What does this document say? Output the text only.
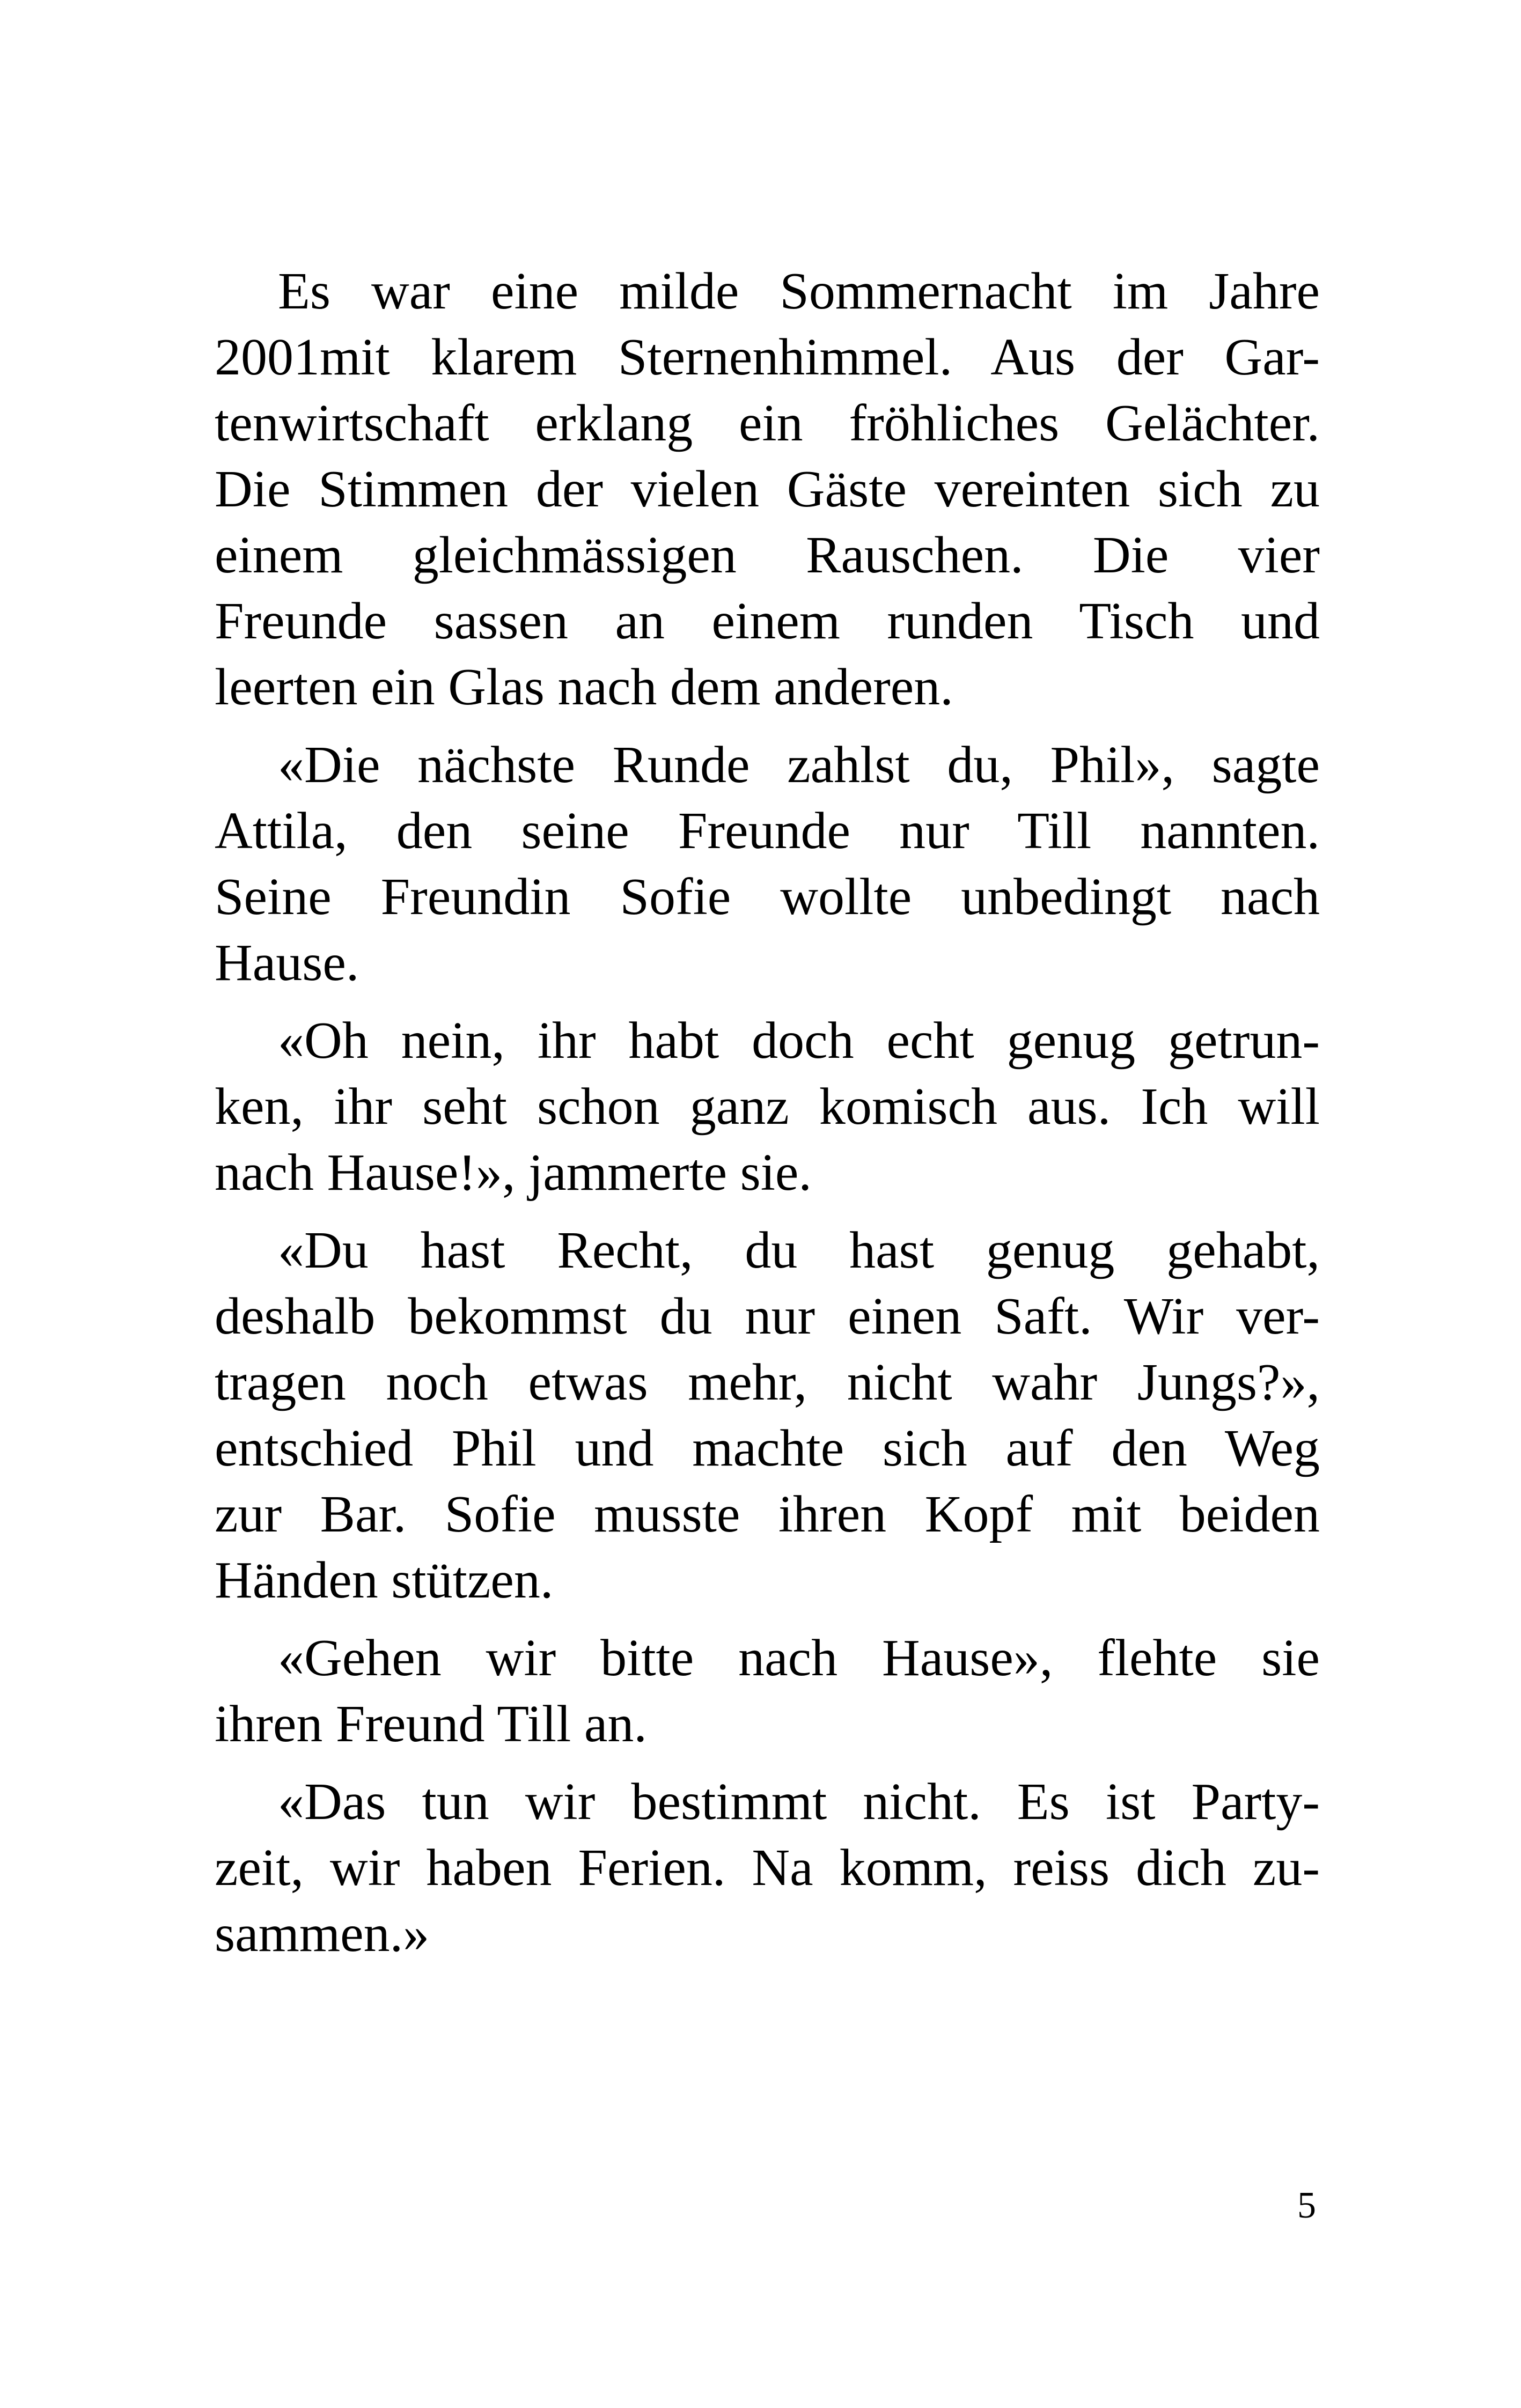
Es war eine milde Sommernacht im Jahre
2001mit klarem Sternenhimmel. Aus der Gar-
tenwirtschaft erklang ein fröhliches Gelächter.
Die Stimmen der vielen Gäste vereinten sich zu
einem gleichmässigen Rauschen. Die vier
Freunde sassen an einem runden Tisch und
leerten ein Glas nach dem anderen.

«Die nächste Runde zahlst du, Phil», sagte
Attila, den seine Freunde nur Till nannten.
Seine Freundin Sofie wollte unbedingt nach
Hause.

«Oh nein, ihr habt doch echt genug getrun-
ken, ihr seht schon ganz komisch aus. Ich will
nach Hause!», jammerte sie.

«Du hast Recht, du hast genug gehabt,
deshalb bekommst du nur einen Saft. Wir ver-
tragen noch etwas mehr, nicht wahr Jungs?»,
entschied Phil und machte sich auf den Weg
zur Bar. Sofie musste ihren Kopf mit beiden
Händen stützen.

«Gehen wir bitte nach Hause», flehte sie
ihren Freund Till an.

«Das tun wir bestimmt nicht. Es ist Party-
zeit, wir haben Ferien. Na komm, reiss dich zu-
sammen.»

5
